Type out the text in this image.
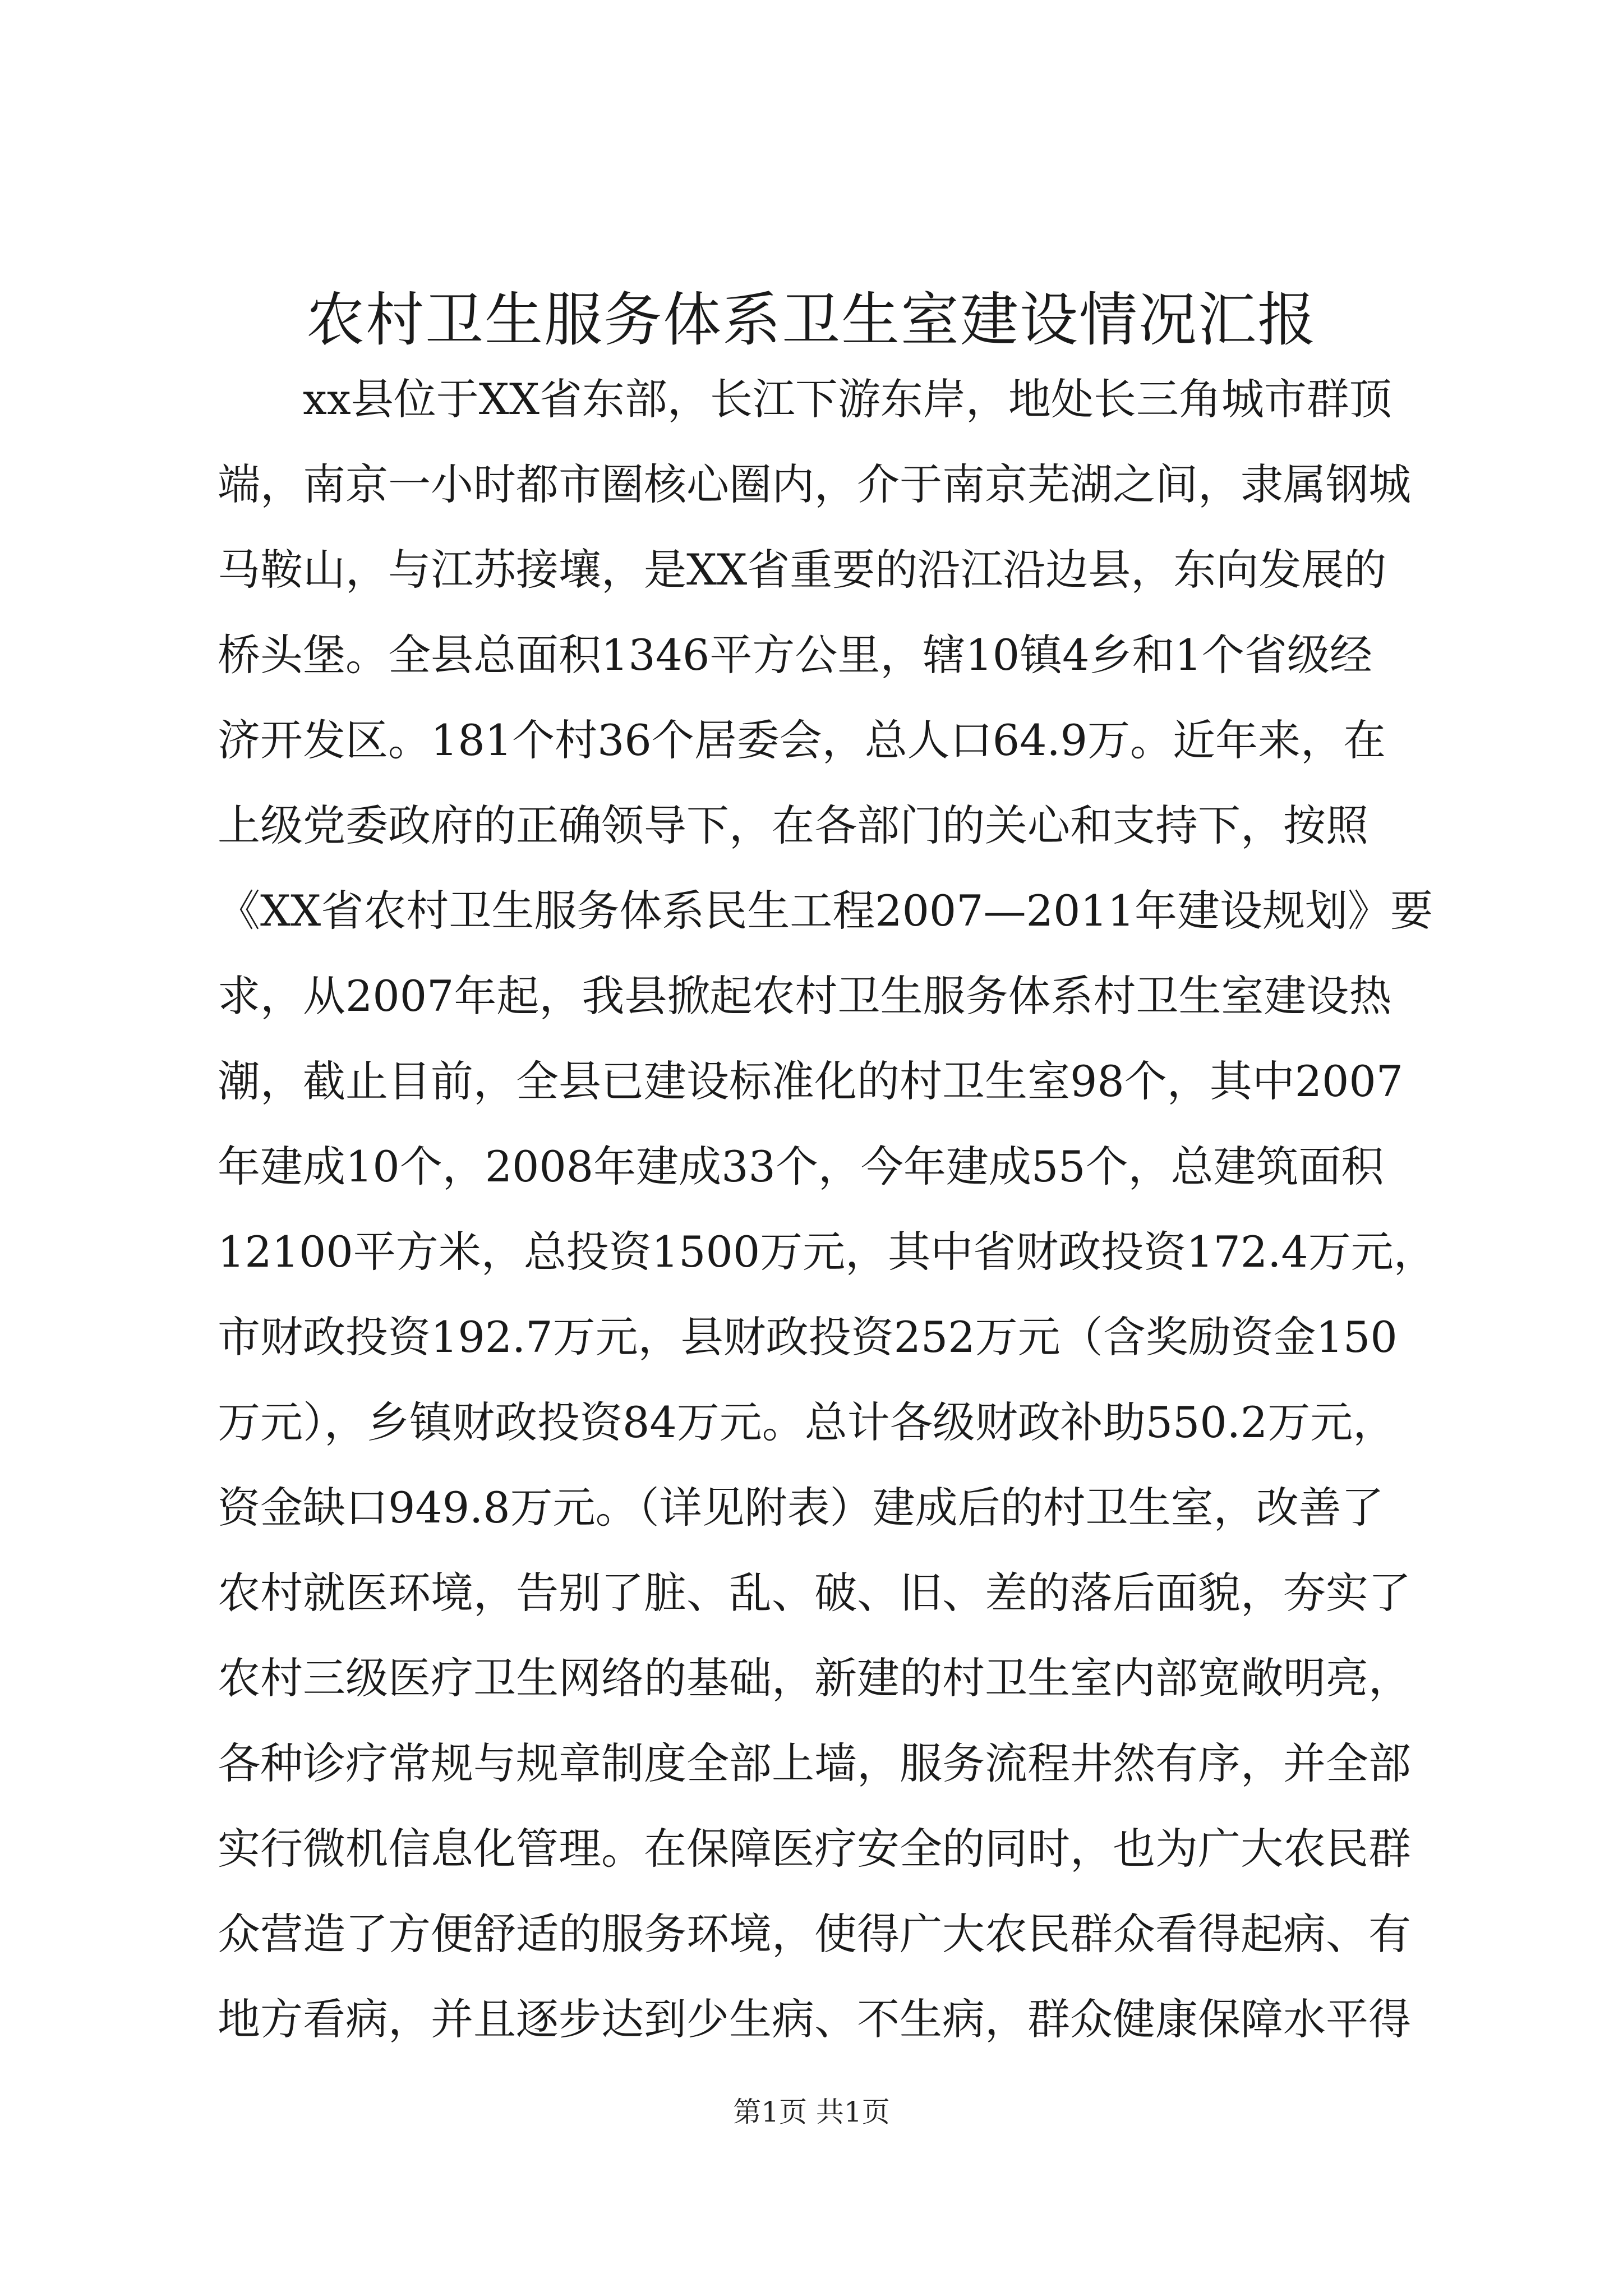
农村卫生服务体系卫生室建设情况汇报
xx县位于XX省东部，长江下游东岸，地处长三角城市群顶
端，南京一小时都市圈核心圈内，介于南京芜湖之间，隶属钢城
马鞍山，与江苏接壤，是XX省重要的沿江沿边县，东向发展的
桥头堡。全县总面积1346平方公里，辖10镇4乡和1个省级经
济开发区。181个村36个居委会，总人口64.9万。近年来，在
上级党委政府的正确领导下，在各部门的关心和支持下，按照
《XX省农村卫生服务体系民生工程2007—2011年建设规划》要
求，从2007年起，我县掀起农村卫生服务体系村卫生室建设热
潮，截止目前，全县已建设标准化的村卫生室98个，其中2007
年建成10个，2008年建成33个，今年建成55个，总建筑面积
12100平方米，总投资1500万元，其中省财政投资172.4万元，
市财政投资192.7万元，县财政投资252万元（含奖励资金150
万元），乡镇财政投资84万元。总计各级财政补助550.2万元，
资金缺口949.8万元。（详见附表）建成后的村卫生室，改善了
农村就医环境，告别了脏、乱、破、旧、差的落后面貌，夯实了
农村三级医疗卫生网络的基础，新建的村卫生室内部宽敞明亮，
各种诊疗常规与规章制度全部上墙，服务流程井然有序，并全部
实行微机信息化管理。在保障医疗安全的同时，也为广大农民群
众营造了方便舒适的服务环境，使得广大农民群众看得起病、有
地方看病，并且逐步达到少生病、不生病，群众健康保障水平得
第1页 共1页
